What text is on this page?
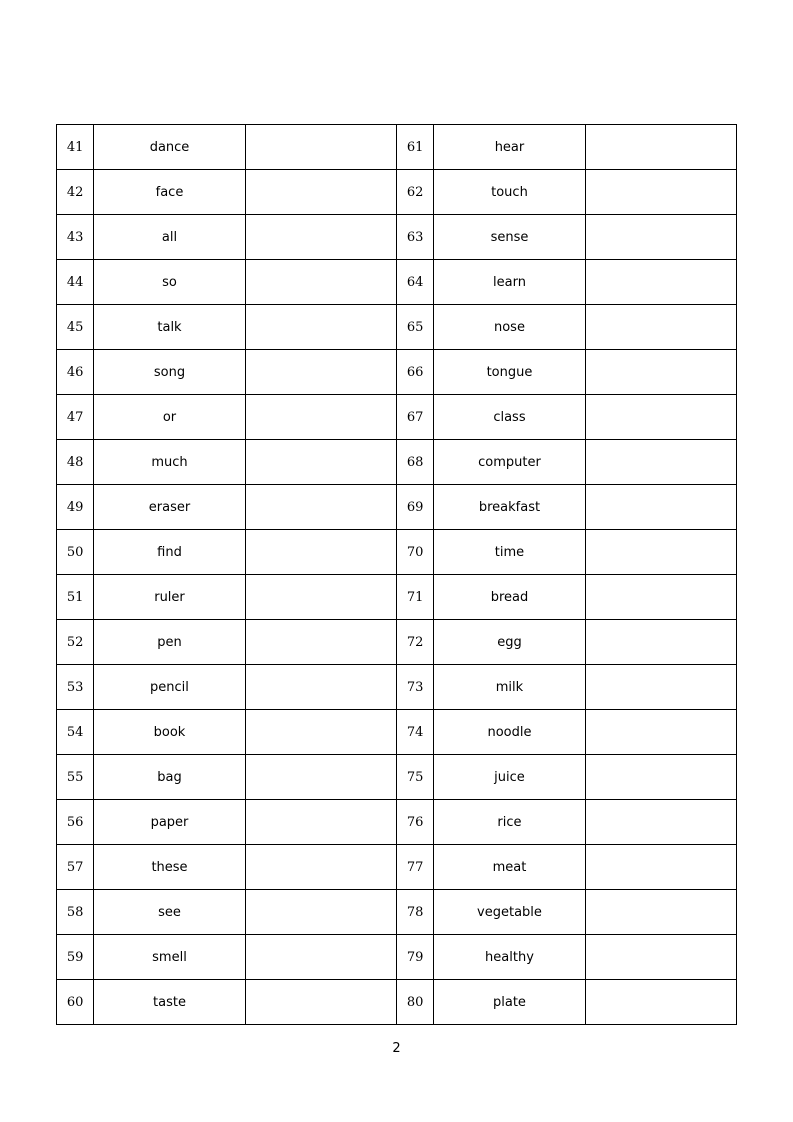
41	dance		61	hear	
42	face		62	touch	
43	all		63	sense	
44	so		64	learn	
45	talk		65	nose	
46	song		66	tongue	
47	or		67	class	
48	much		68	computer	
49	eraser		69	breakfast	
50	find		70	time	
51	ruler		71	bread	
52	pen		72	egg	
53	pencil		73	milk	
54	book		74	noodle	
55	bag		75	juice	
56	paper		76	rice	
57	these		77	meat	
58	see		78	vegetable	
59	smell		79	healthy	
60	taste		80	plate	
2
